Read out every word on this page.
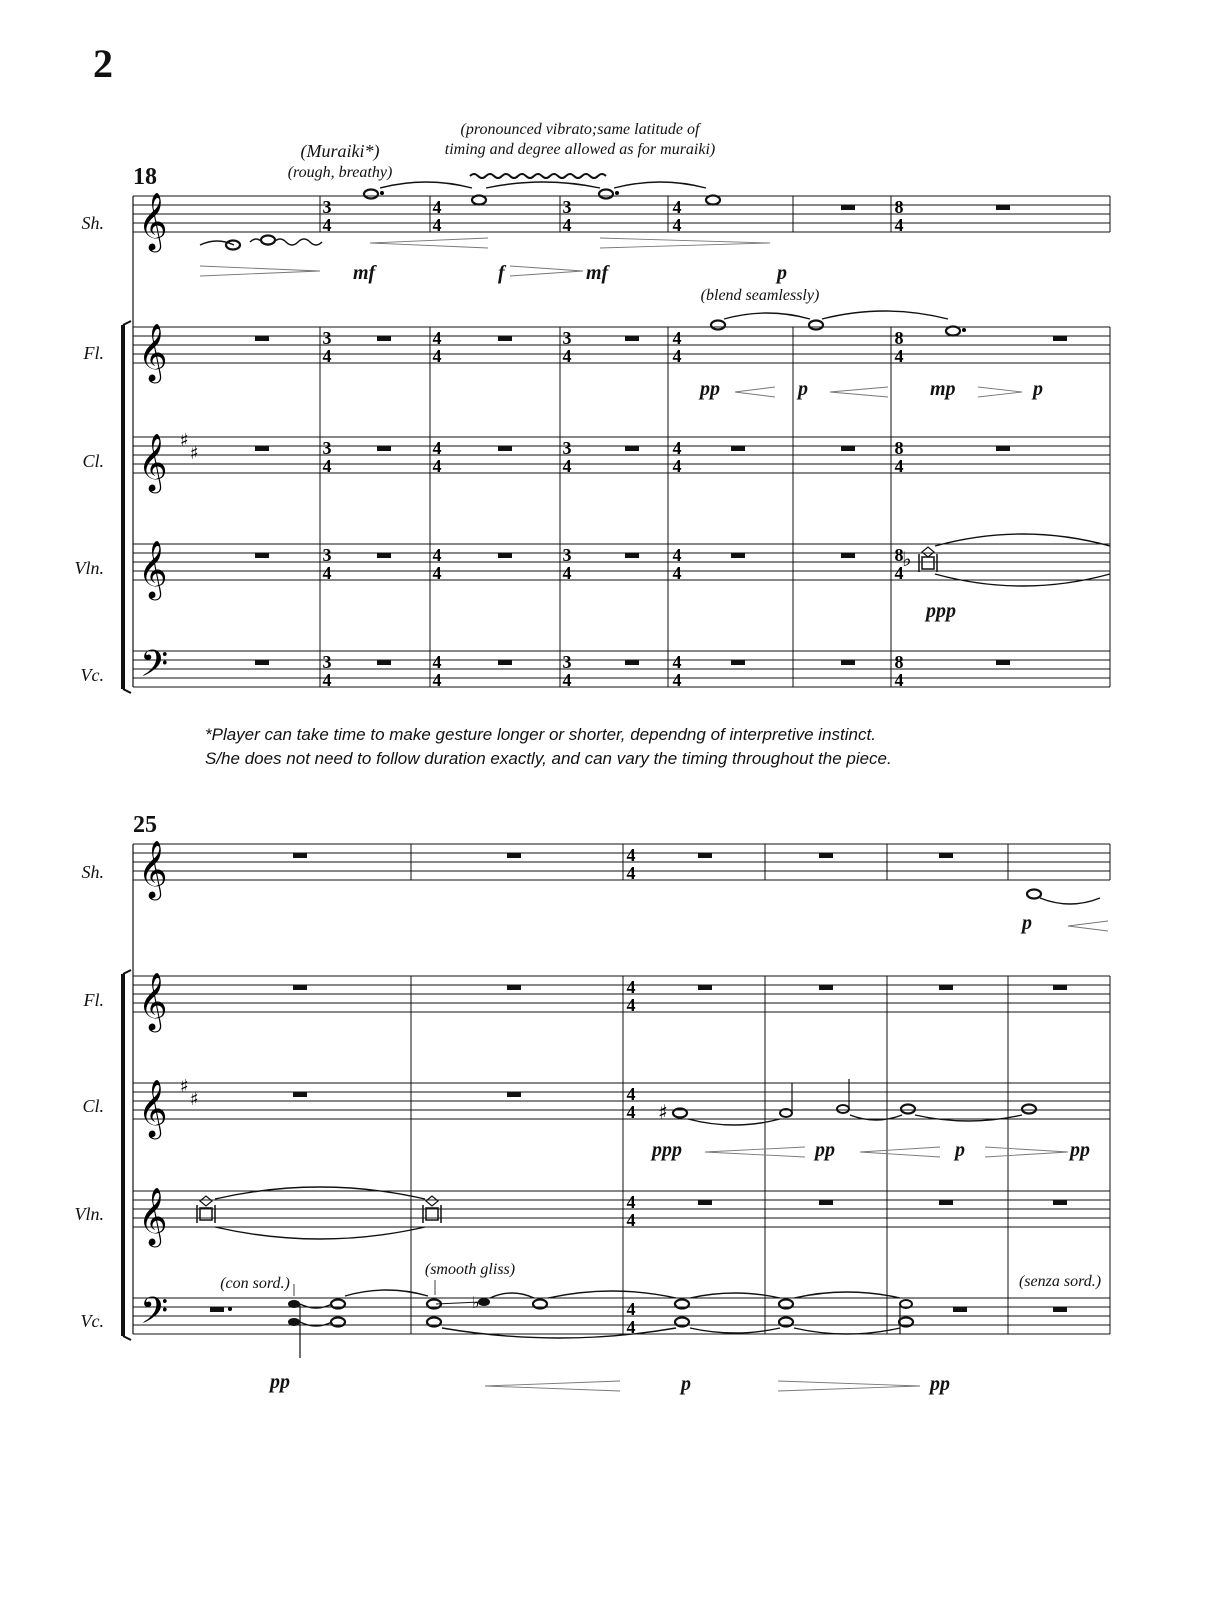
2
𝄞
𝄞
𝄞
𝄞
𝄢
♯
♯
3
4
4
4
3
4
4
4
8
4
3
4
4
4
3
4
4
4
8
4
3
4
4
4
3
4
4
4
8
4
3
4
4
4
3
4
4
4
8
4
3
4
4
4
3
4
4
4
8
4
♭
𝄞
𝄞
𝄞
𝄞
𝄢
♯
♯
4
4
4
4
4
4
4
4
4
4
♯
♭
18
Sh.
Fl.
Cl.
Vln.
Vc.
(Muraiki*)
(rough, breathy)
(pronounced vibrato;same latitude of
timing and degree allowed as for muraiki)
(blend seamlessly)
mf	f	mf	p
pp	p	mp	p
ppp
*Player can take time to make gesture longer or shorter, dependng of interpretive instinct.
S/he does not need to follow duration exactly, and can vary the timing throughout the piece.
25
Sh.
Fl.
Cl.
Vln.
Vc.
(con sord.)
(smooth gliss)
(senza sord.)
p
ppp	pp	p	pp
pp	p	pp
